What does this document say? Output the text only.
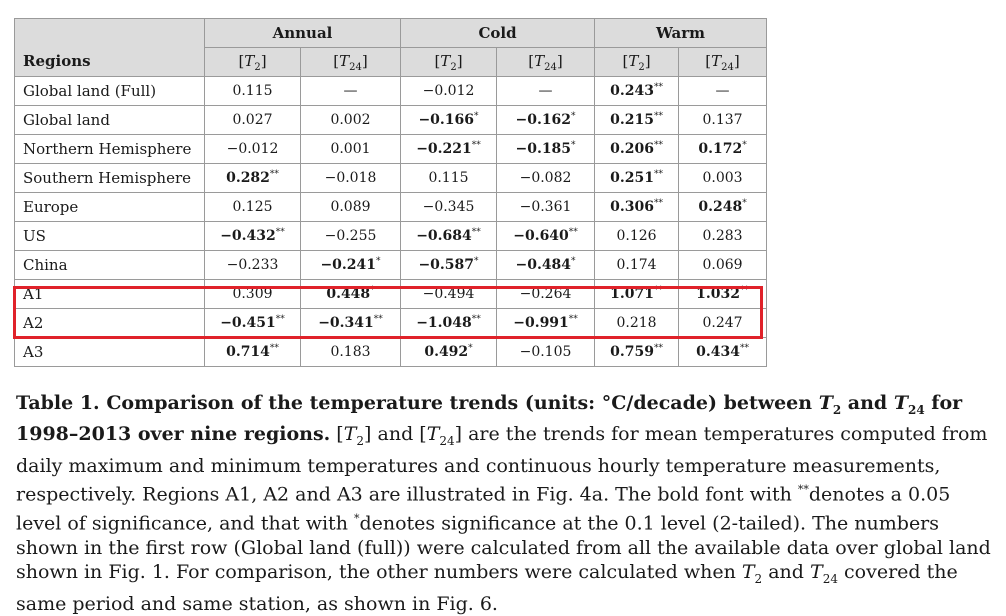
Regions	Annual		Cold		Warm	
	$[T_2]$	$[T_{24}]$	$[T_2]$	$[T_{24}]$	$[T_2]$	$[T_{24}]$
Global land (Full)	0.115	—	−0.012	—	0.243**	—
Global land	0.027	0.002	−0.166*	−0.162*	0.215**	0.137
Northern Hemisphere	−0.012	0.001	−0.221**	−0.185*	0.206**	0.172*
Southern Hemisphere	0.282**	−0.018	0.115	−0.082	0.251**	0.003
Europe	0.125	0.089	−0.345	−0.361	0.306**	0.248*
US	−0.432**	−0.255	−0.684**	−0.640**	0.126	0.283
China	−0.233	−0.241*	−0.587*	−0.484*	0.174	0.069
A1	0.309	0.448*	−0.494	−0.264	1.071**	1.032**
A2	−0.451**	−0.341**	−1.048**	−0.991**	0.218	0.247
A3	0.714**	0.183	0.492*	−0.105	0.759**	0.434**
Table 1. Comparison of the temperature trends (units: °C/decade) between $T_2$ and $T_{24}$ for 1998–2013 over nine regions. $[T_2]$ and $[T_{24}]$ are the trends for mean temperatures computed from daily maximum and minimum temperatures and continuous hourly temperature measurements, respectively. Regions A1, A2 and A3 are illustrated in Fig. 4a. The bold font with **denotes a 0.05 level of significance, and that with *denotes significance at the 0.1 level (2-tailed). The numbers shown in the first row (Global land (full)) were calculated from all the available data over global land shown in Fig. 1. For comparison, the other numbers were calculated when $T_2$ and $T_{24}$ covered the same period and same station, as shown in Fig. 6.
